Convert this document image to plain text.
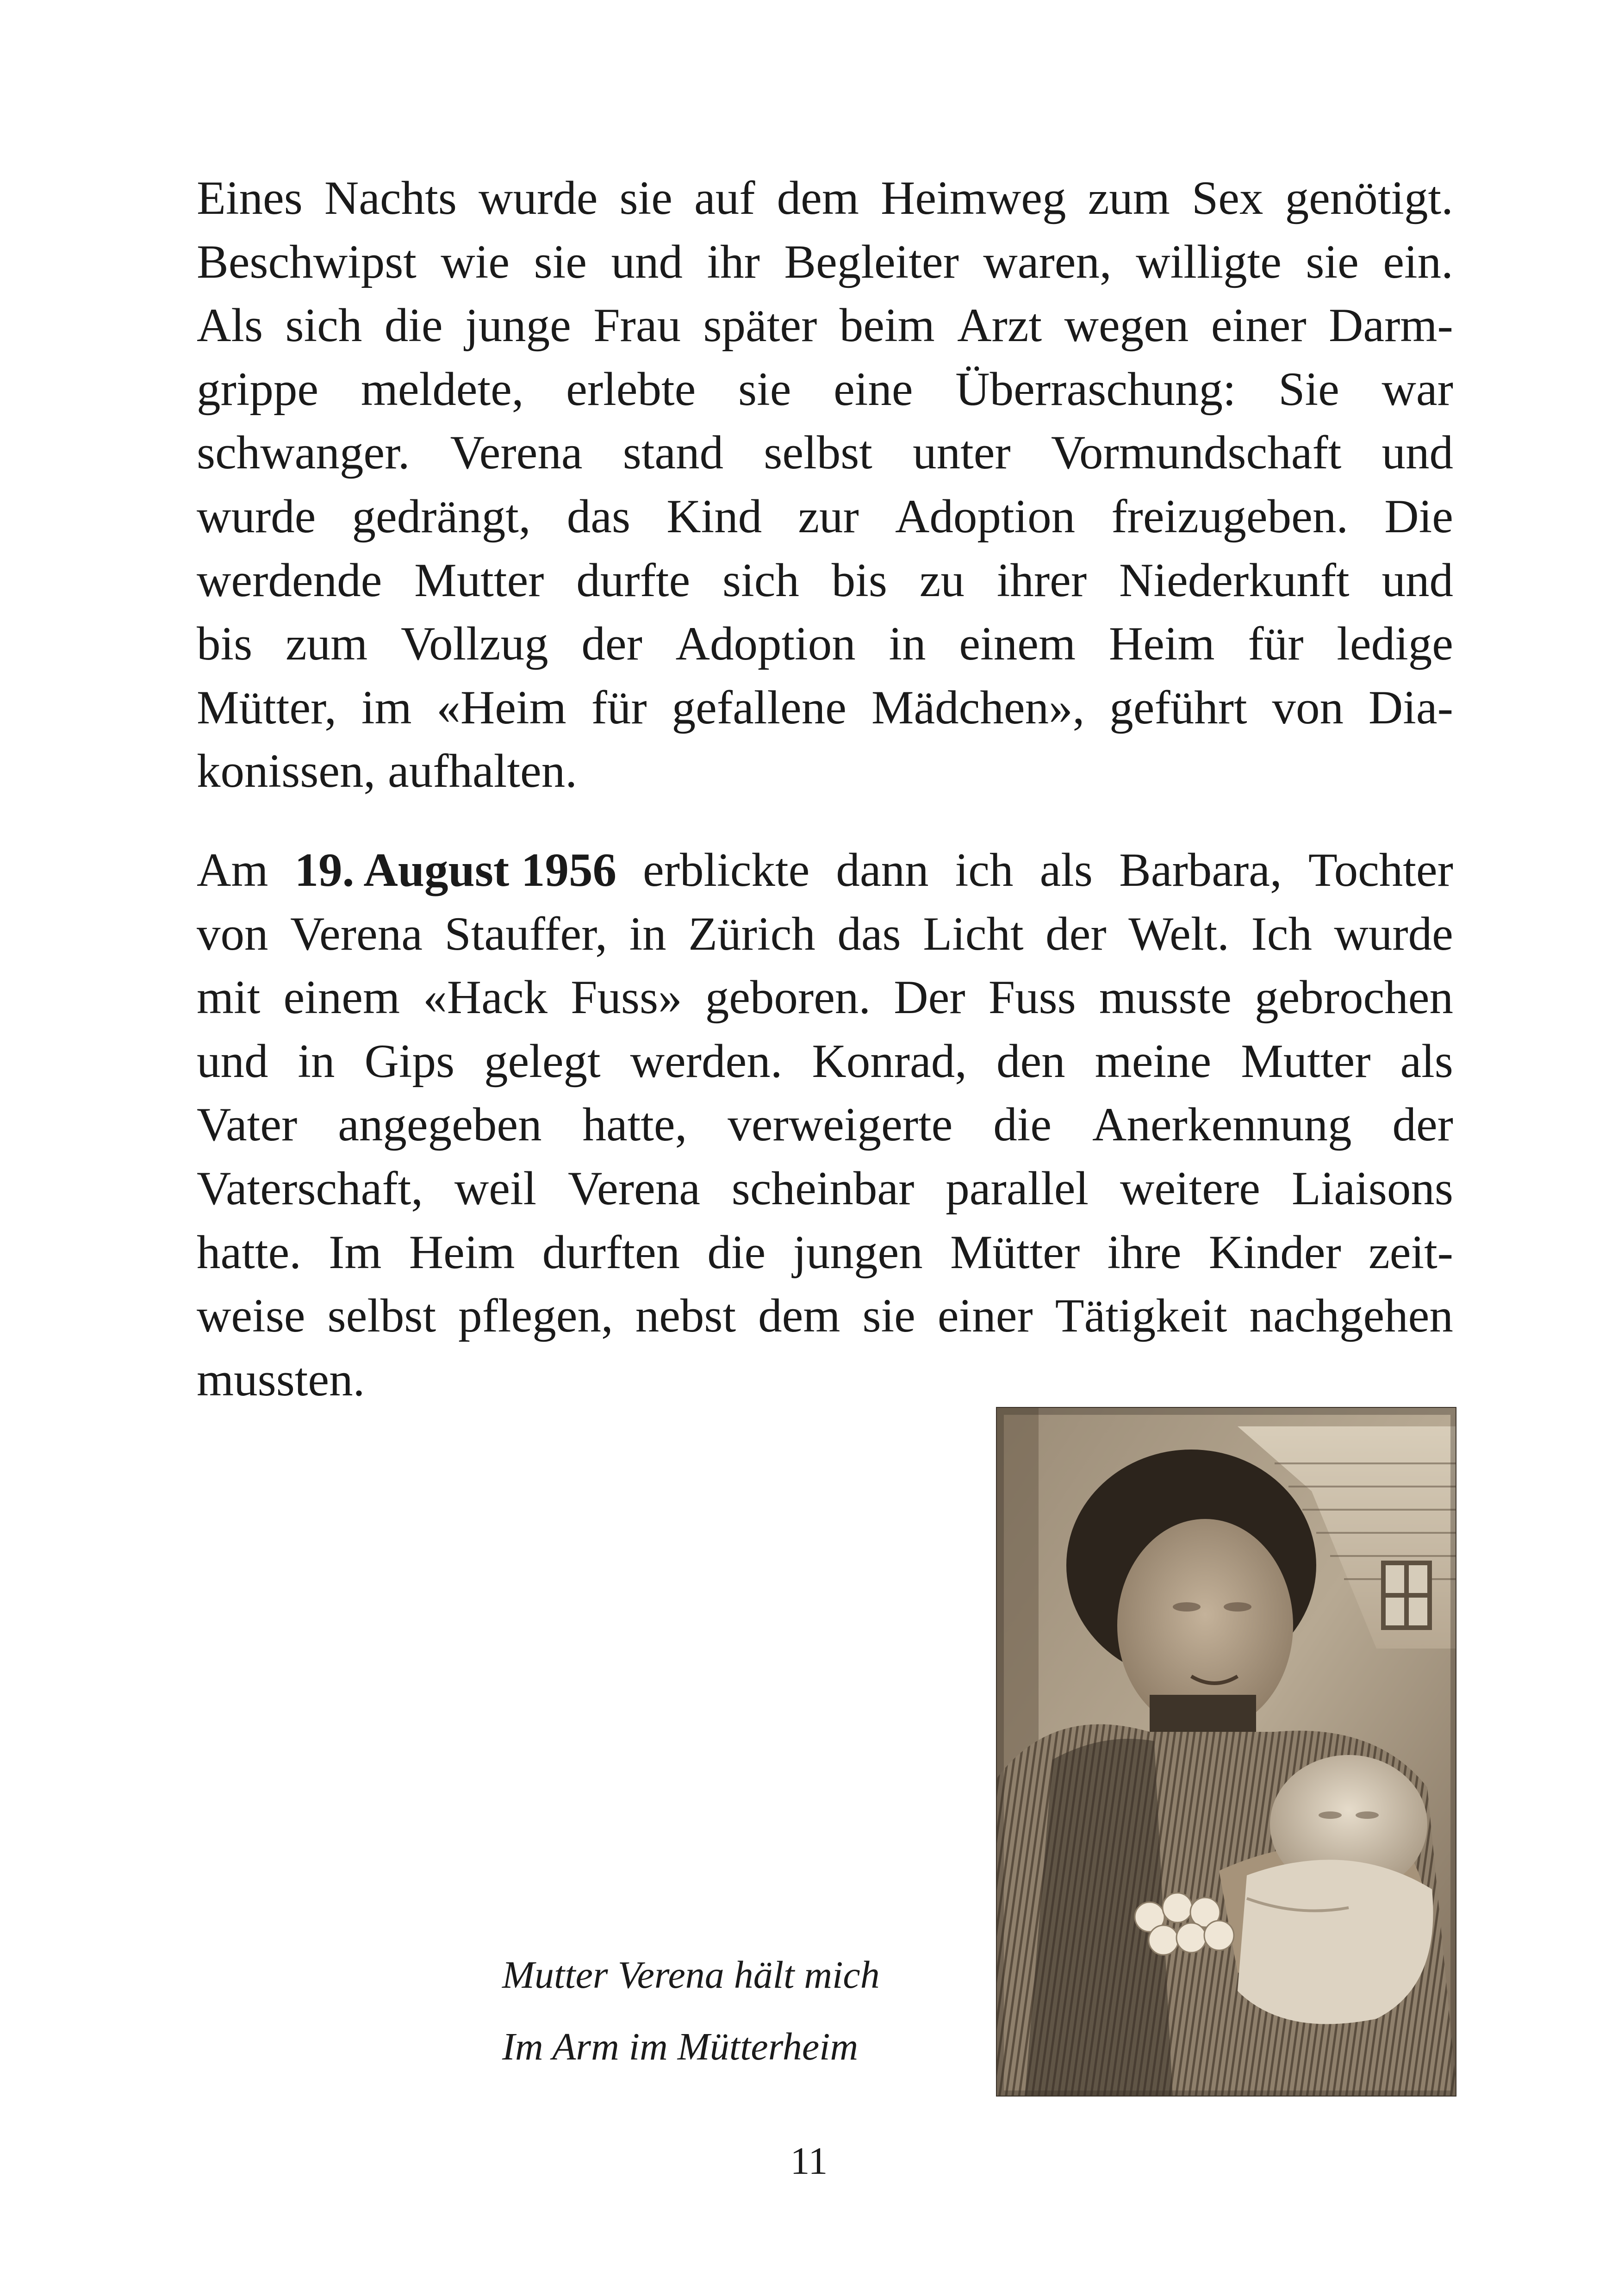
Eines Nachts wurde sie auf dem Heimweg zum Sex genötigt.
Beschwipst wie sie und ihr Begleiter waren, willigte sie ein.
Als sich die junge Frau später beim Arzt wegen einer Darm-
grippe meldete, erlebte sie eine Überraschung: Sie war
schwanger. Verena stand selbst unter Vormundschaft und
wurde gedrängt, das Kind zur Adoption freizugeben. Die
werdende Mutter durfte sich bis zu ihrer Niederkunft und
bis zum Vollzug der Adoption in einem Heim für ledige
Mütter, im «Heim für gefallene Mädchen», geführt von Dia-
konissen, aufhalten.
Am 19. August 1956 erblickte dann ich als Barbara, Tochter
von Verena Stauffer, in Zürich das Licht der Welt. Ich wurde
mit einem «Hack Fuss» geboren. Der Fuss musste gebrochen
und in Gips gelegt werden. Konrad, den meine Mutter als
Vater angegeben hatte, verweigerte die Anerkennung der
Vaterschaft, weil Verena scheinbar parallel weitere Liaisons
hatte. Im Heim durften die jungen Mütter ihre Kinder zeit-
weise selbst pflegen, nebst dem sie einer Tätigkeit nachgehen
mussten.
Mutter Verena hält mich
Im Arm im Mütterheim
11
